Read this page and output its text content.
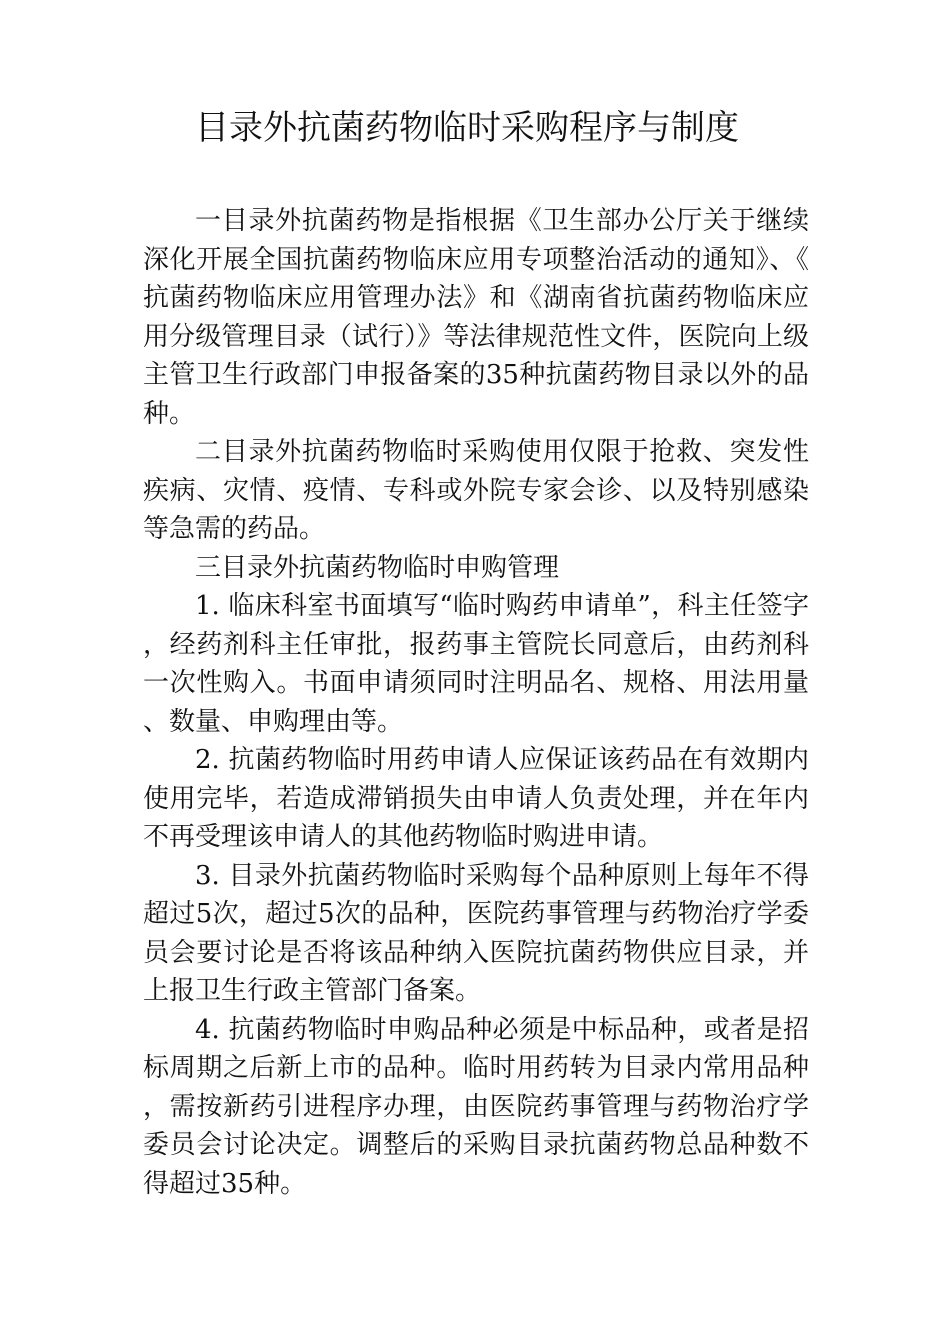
目录外抗菌药物临时采购程序与制度

一目录外抗菌药物是指根据《卫生部办公厅关于继续深化开展全国抗菌药物临床应用专项整治活动的通知》、《抗菌药物临床应用管理办法》和《湖南省抗菌药物临床应用分级管理目录（试行）》等法律规范性文件，医院向上级主管卫生行政部门申报备案的35种抗菌药物目录以外的品种。

二目录外抗菌药物临时采购使用仅限于抢救、突发性疾病、灾情、疫情、专科或外院专家会诊、以及特别感染等急需的药品。

三目录外抗菌药物临时申购管理

1. 临床科室书面填写“临时购药申请单”，科主任签字，经药剂科主任审批，报药事主管院长同意后，由药剂科一次性购入。书面申请须同时注明品名、规格、用法用量、数量、申购理由等。

2. 抗菌药物临时用药申请人应保证该药品在有效期内使用完毕，若造成滞销损失由申请人负责处理，并在年内不再受理该申请人的其他药物临时购进申请。

3. 目录外抗菌药物临时采购每个品种原则上每年不得超过5次，超过5次的品种，医院药事管理与药物治疗学委员会要讨论是否将该品种纳入医院抗菌药物供应目录，并上报卫生行政主管部门备案。

4. 抗菌药物临时申购品种必须是中标品种，或者是招标周期之后新上市的品种。临时用药转为目录内常用品种，需按新药引进程序办理，由医院药事管理与药物治疗学委员会讨论决定。调整后的采购目录抗菌药物总品种数不得超过35种。
